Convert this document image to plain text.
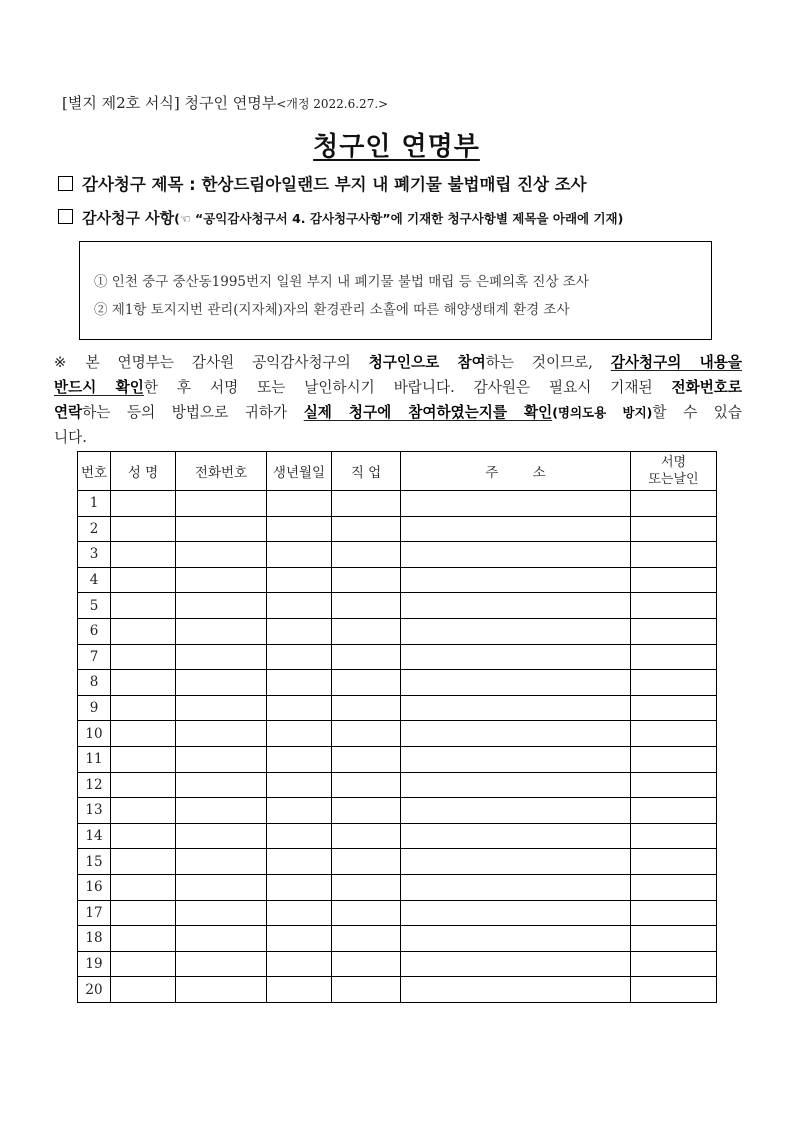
[별지 제2호 서식] 청구인 연명부<개정 2022.6.27.>
청구인 연명부
감사청구 제목 : 한상드림아일랜드 부지 내 폐기물 불법매립 진상 조사
감사청구 사항(☜ “공익감사청구서 4. 감사청구사항”에 기재한 청구사항별 제목을 아래에 기재)
① 인천 중구 중산동1995번지 일원 부지 내 폐기물 불법 매립 등 은폐의혹 진상 조사
② 제1항 토지지번 관리(지자체)자의 환경관리 소홀에 따른 해양생태계 환경 조사
※ 본 연명부는 감사원 공익감사청구의 청구인으로 참여하는 것이므로, 감사청구의 내용을
반드시 확인한 후 서명 또는 날인하시기 바랍니다. 감사원은 필요시 기재된 전화번호로
연락하는 등의 방법으로 귀하가 실제 청구에 참여하였는지를 확인(명의도용 방지)할 수 있습
니다.
번호	성 명	전화번호	생년월일	직 업	주        소	서명
또는날인
1						
2						
3						
4						
5						
6						
7						
8						
9						
10						
11						
12						
13						
14						
15						
16						
17						
18						
19						
20						
